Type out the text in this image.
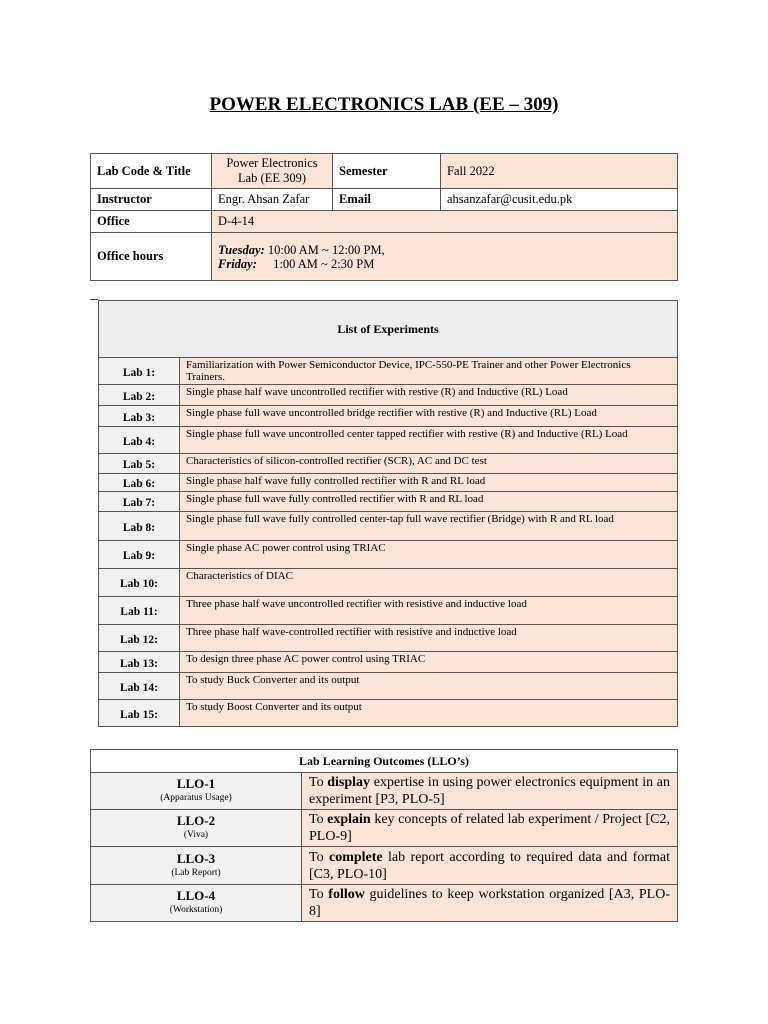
POWER ELECTRONICS LAB (EE – 309)
Lab Code & Title	Power Electronics Lab (EE 309)	Semester	Fall 2022
Instructor	Engr. Ahsan Zafar	Email	ahsanzafar@cusit.edu.pk
Office	D-4-14		
Office hours	Tuesday: 10:00 AM ~ 12:00 PM,
Friday: 1:00 AM ~ 2:30 PM		
List of Experiments	
Lab 1:	Familiarization with Power Semiconductor Device, IPC-550-PE Trainer and other Power Electronics Trainers.
Lab 2:	Single phase half wave uncontrolled rectifier with restive (R) and Inductive (RL) Load
Lab 3:	Single phase full wave uncontrolled bridge rectifier with restive (R) and Inductive (RL) Load
Lab 4:	Single phase full wave uncontrolled center tapped rectifier with restive (R) and Inductive (RL) Load
Lab 5:	Characteristics of silicon-controlled rectifier (SCR), AC and DC test
Lab 6:	Single phase half wave fully controlled rectifier with R and RL load
Lab 7:	Single phase full wave fully controlled rectifier with R and RL load
Lab 8:	Single phase full wave fully controlled center-tap full wave rectifier (Bridge) with R and RL load
Lab 9:	Single phase AC power control using TRIAC
Lab 10:	Characteristics of DIAC
Lab 11:	Three phase half wave uncontrolled rectifier with resistive and inductive load
Lab 12:	Three phase half wave-controlled rectifier with resistive and inductive load
Lab 13:	To design three phase AC power control using TRIAC
Lab 14:	To study Buck Converter and its output
Lab 15:	To study Boost Converter and its output
Lab Learning Outcomes (LLO’s)	

LLO-1
(Apparatus Usage)	To display expertise in using power electronics equipment in an experiment [P3, PLO-5]

LLO-2
(Viva)	To explain key concepts of related lab experiment / Project [C2, PLO-9]

LLO-3
(Lab Report)	To complete lab report according to required data and format [C3, PLO-10]

LLO-4
(Workstation)	To follow guidelines to keep workstation organized [A3, PLO-8]
